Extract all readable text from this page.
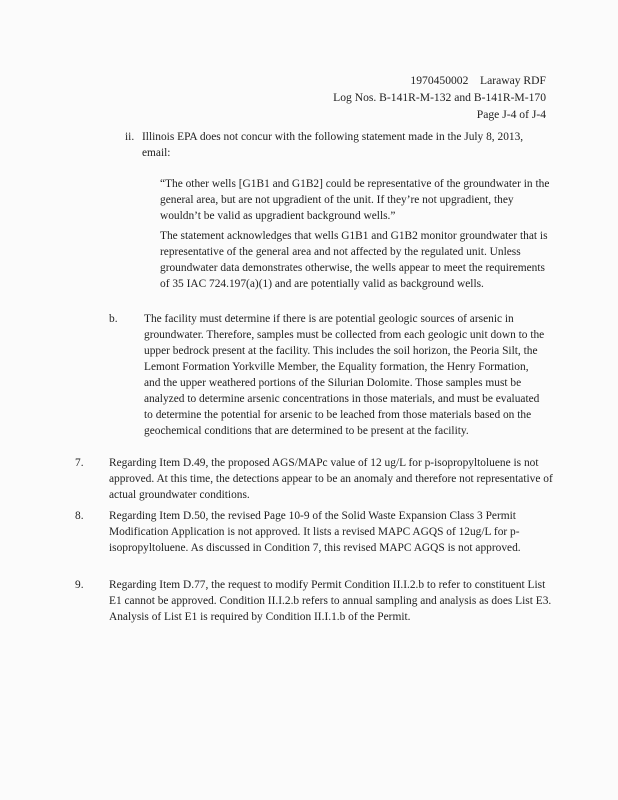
1970450002    Laraway RDF
Log Nos. B-141R-M-132 and B-141R-M-170
Page J-4 of J-4
ii. Illinois EPA does not concur with the following statement made in the July 8, 2013, email:

“The other wells [G1B1 and G1B2] could be representative of the groundwater in the general area, but are not upgradient of the unit. If they’re not upgradient, they wouldn’t be valid as upgradient background wells.”

The statement acknowledges that wells G1B1 and G1B2 monitor groundwater that is representative of the general area and not affected by the regulated unit. Unless groundwater data demonstrates otherwise, the wells appear to meet the requirements of 35 IAC 724.197(a)(1) and are potentially valid as background wells.

b. The facility must determine if there is are potential geologic sources of arsenic in groundwater. Therefore, samples must be collected from each geologic unit down to the upper bedrock present at the facility. This includes the soil horizon, the Peoria Silt, the Lemont Formation Yorkville Member, the Equality formation, the Henry Formation, and the upper weathered portions of the Silurian Dolomite. Those samples must be analyzed to determine arsenic concentrations in those materials, and must be evaluated to determine the potential for arsenic to be leached from those materials based on the geochemical conditions that are determined to be present at the facility.

7. Regarding Item D.49, the proposed AGS/MAPc value of 12 ug/L for p-isopropyltoluene is not approved. At this time, the detections appear to be an anomaly and therefore not representative of actual groundwater conditions.

8. Regarding Item D.50, the revised Page 10-9 of the Solid Waste Expansion Class 3 Permit Modification Application is not approved. It lists a revised MAPC AGQS of 12ug/L for p-isopropyltoluene. As discussed in Condition 7, this revised MAPC AGQS is not approved.

9. Regarding Item D.77, the request to modify Permit Condition II.I.2.b to refer to constituent List E1 cannot be approved. Condition II.I.2.b refers to annual sampling and analysis as does List E3. Analysis of List E1 is required by Condition II.I.1.b of the Permit.
